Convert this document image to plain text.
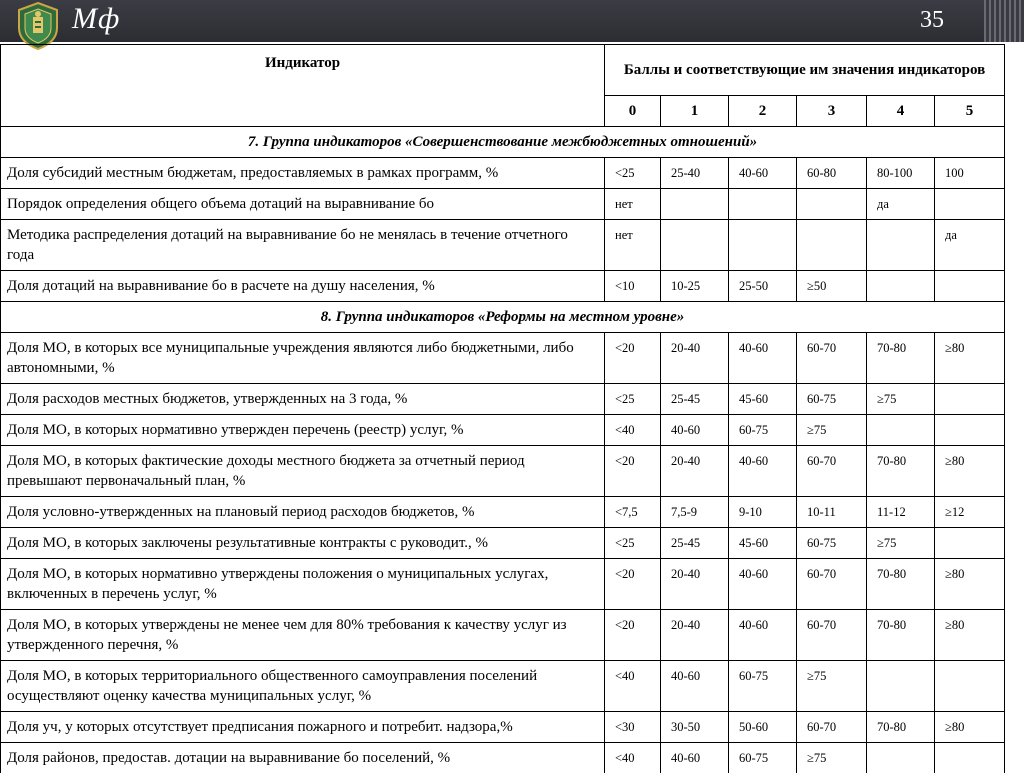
Мф	35
Индикатор	Баллы и соответствующие им значения индикаторов					
	0	1	2	3	4	5
7. Группа индикаторов «Совершенствование межбюджетных отношений»						
Доля субсидий местным бюджетам, предоставляемых в рамках программ, %	<25	25-40	40-60	60-80	80-100	100
Порядок определения общего объема дотаций на выравнивание бо	нет				да	
Методика распределения дотаций на выравнивание бо не менялась в течение отчетного года	нет					да
Доля дотаций на выравнивание бо в расчете на душу населения, %	<10	10-25	25-50	≥50		
8. Группа индикаторов «Реформы на местном уровне»						
Доля МО, в которых все муниципальные учреждения являются либо бюджетными, либо автономными, %	<20	20-40	40-60	60-70	70-80	≥80
Доля расходов местных бюджетов, утвержденных на 3 года, %	<25	25-45	45-60	60-75	≥75	
Доля МО, в которых нормативно утвержден перечень (реестр) услуг, %	<40	40-60	60-75	≥75		
Доля МО, в которых фактические доходы местного бюджета за отчетный период превышают первоначальный план, %	<20	20-40	40-60	60-70	70-80	≥80
Доля условно-утвержденных на плановый период расходов бюджетов, %	<7,5	7,5-9	9-10	10-11	11-12	≥12
Доля МО, в которых заключены результативные контракты с руководит., %	<25	25-45	45-60	60-75	≥75	
Доля МО, в которых нормативно утверждены положения о муниципальных услугах, включенных в перечень услуг, %	<20	20-40	40-60	60-70	70-80	≥80
Доля МО, в которых утверждены не менее чем для 80% требования к качеству услуг из утвержденного перечня, %	<20	20-40	40-60	60-70	70-80	≥80
Доля МО, в которых территориального общественного самоуправления поселений осуществляют оценку качества муниципальных услуг, %	<40	40-60	60-75	≥75		
Доля уч, у которых отсутствует предписания пожарного и потребит. надзора,%	<30	30-50	50-60	60-70	70-80	≥80
Доля районов, предостав. дотации на выравнивание бо поселений, %	<40	40-60	60-75	≥75		
